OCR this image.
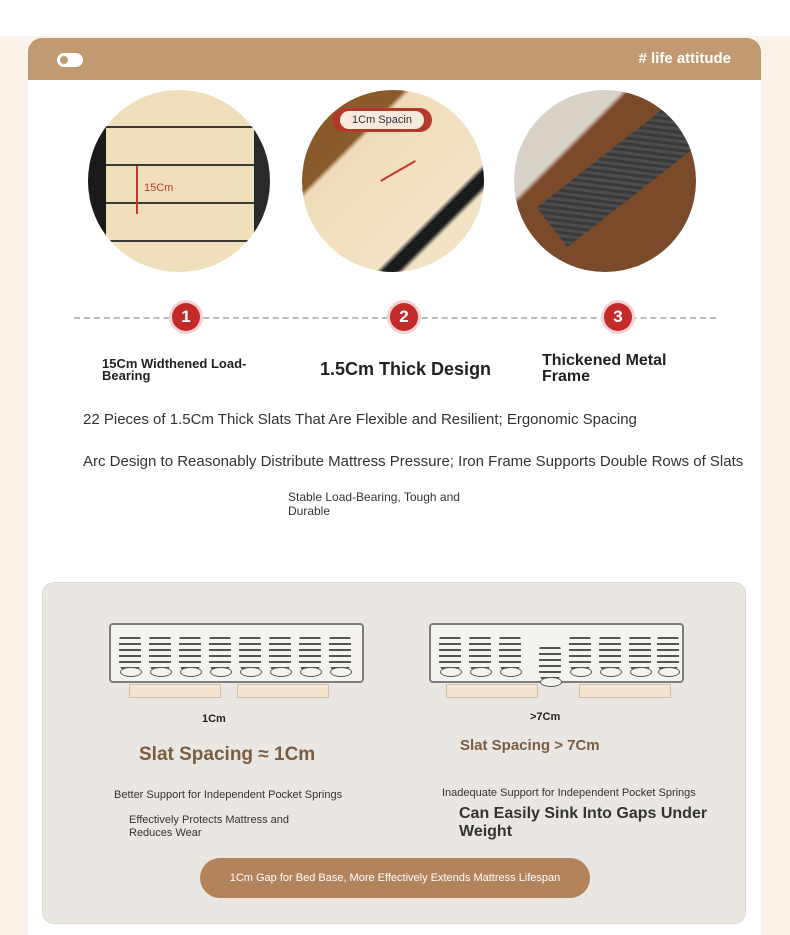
# life attitude
15Cm
1Cm Spacin
1	2	3
15Cm Widthened Load-Bearing	1.5Cm Thick Design	Thickened Metal Frame
22 Pieces of 1.5Cm Thick Slats That Are Flexible and Resilient; Ergonomic Spacing
Arc Design to Reasonably Distribute Mattress Pressure; Iron Frame Supports Double Rows of Slats
Stable Load-Bearing, Tough and Durable
1Cm	>7Cm
Slat Spacing ≈ 1Cm	Slat Spacing > 7Cm
Better Support for Independent Pocket Springs
Effectively Protects Mattress and Reduces Wear
Inadequate Support for Independent Pocket Springs
Can Easily Sink Into Gaps Under Weight
1Cm Gap for Bed Base, More Effectively Extends Mattress Lifespan
